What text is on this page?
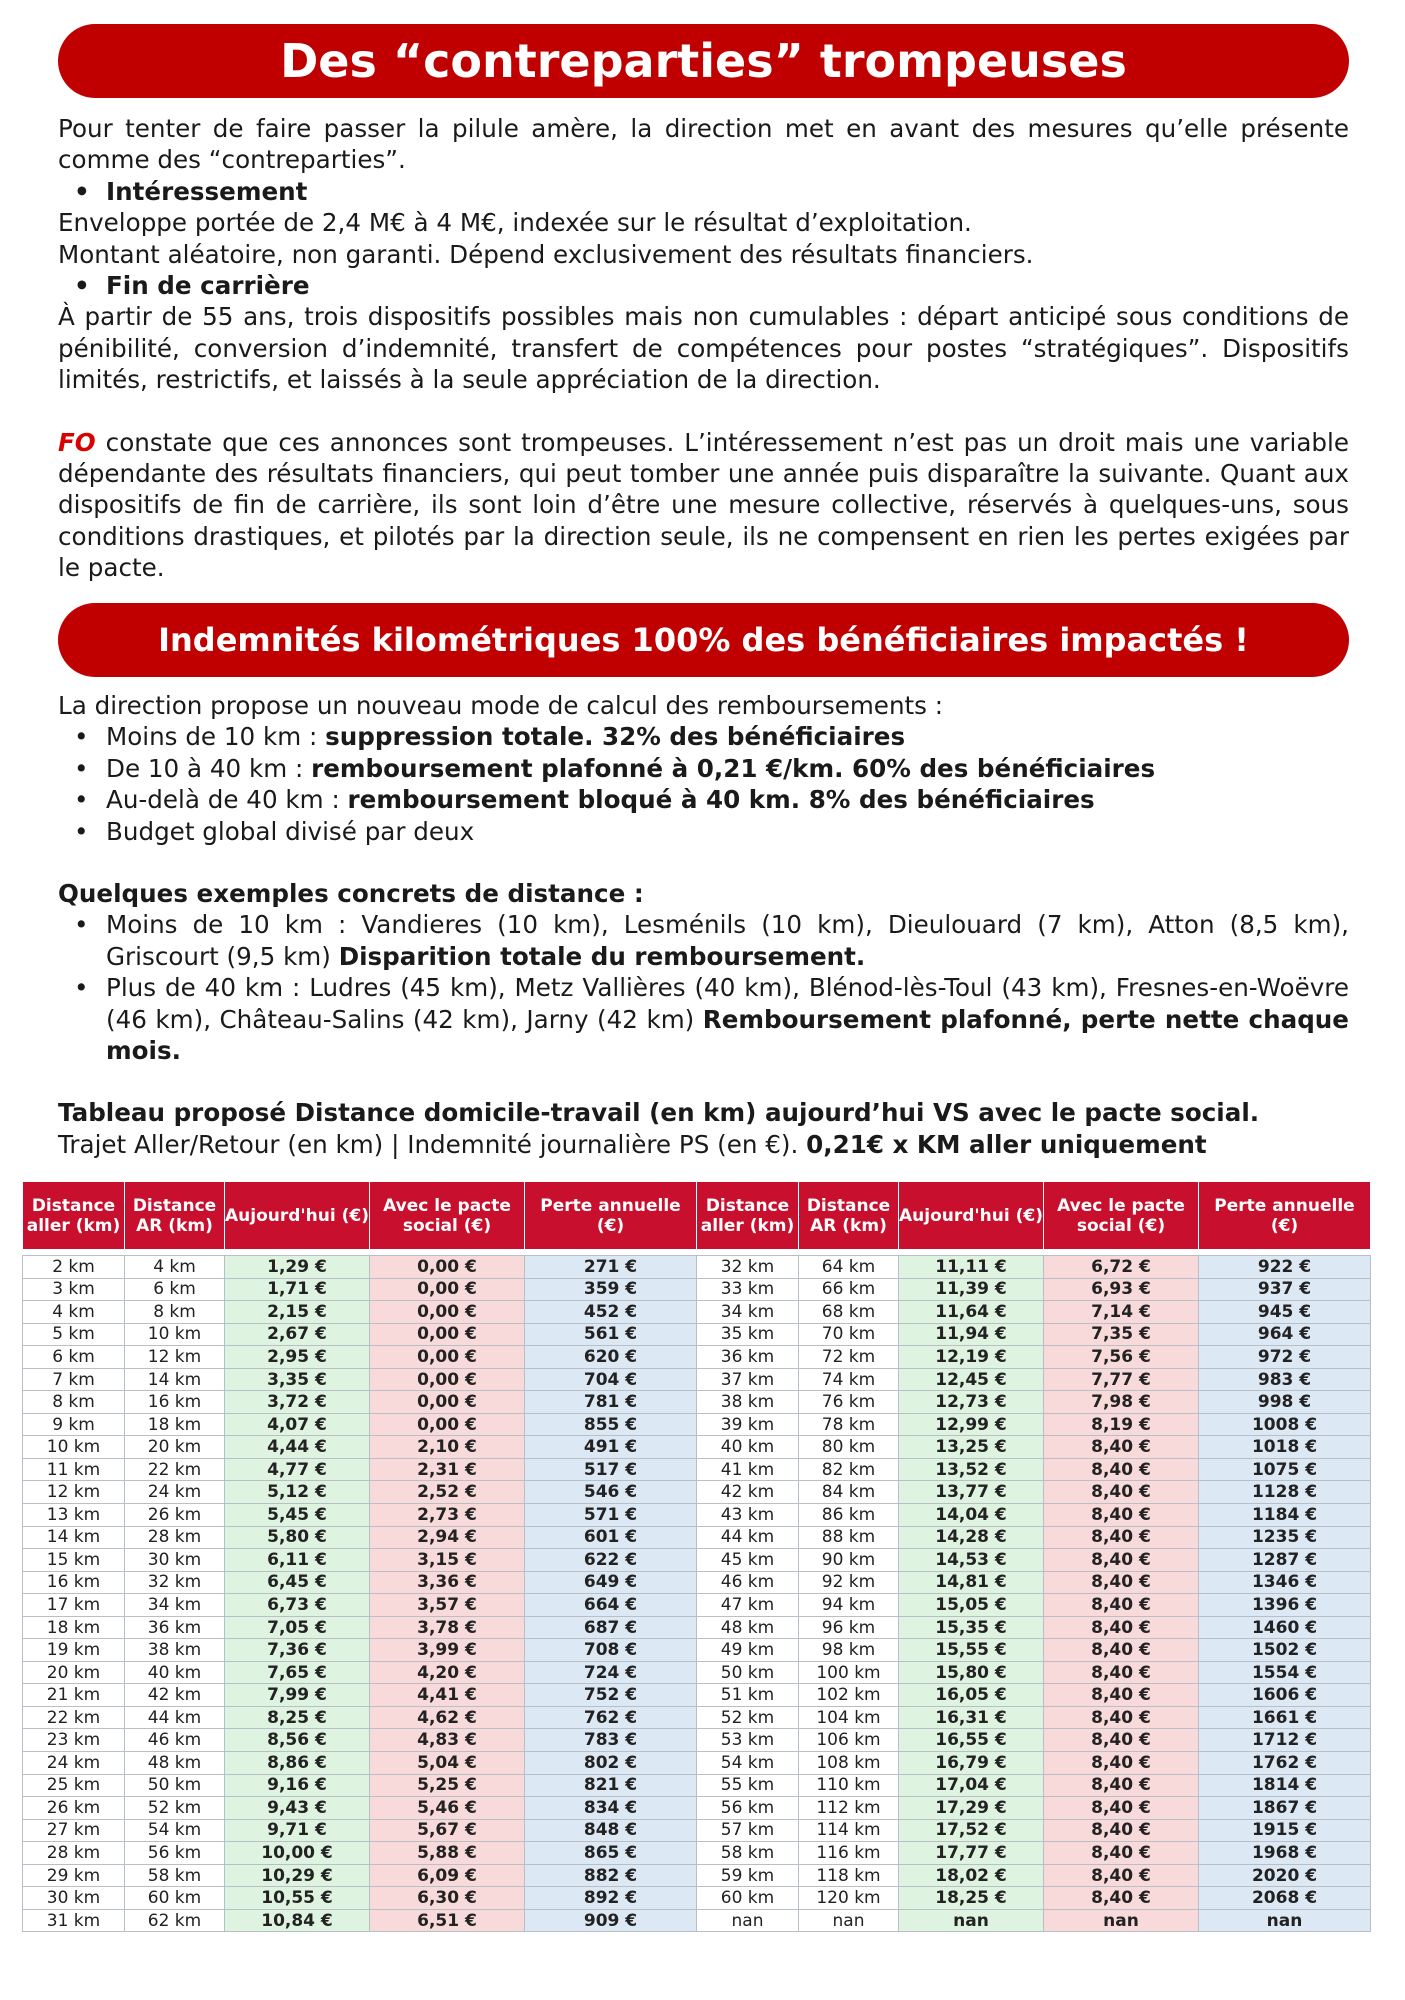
Des “contreparties” trompeuses

Pour tenter de faire passer la pilule amère, la direction met en avant des mesures qu’elle présente comme des “contreparties”.

• Intéressement

Enveloppe portée de 2,4 M€ à 4 M€, indexée sur le résultat d’exploitation.

Montant aléatoire, non garanti. Dépend exclusivement des résultats financiers.

• Fin de carrière

À partir de 55 ans, trois dispositifs possibles mais non cumulables : départ anticipé sous conditions de pénibilité, conversion d’indemnité, transfert de compétences pour postes “stratégiques”. Dispositifs limités, restrictifs, et laissés à la seule appréciation de la direction.

FO constate que ces annonces sont trompeuses. L’intéressement n’est pas un droit mais une variable dépendante des résultats financiers, qui peut tomber une année puis disparaître la suivante. Quant aux dispositifs de fin de carrière, ils sont loin d’être une mesure collective, réservés à quelques-uns, sous conditions drastiques, et pilotés par la direction seule, ils ne compensent en rien les pertes exigées par le pacte.

Indemnités kilométriques 100% des bénéficiaires impactés !

La direction propose un nouveau mode de calcul des remboursements :

• Moins de 10 km : suppression totale. 32% des bénéficiaires
• De 10 à 40 km : remboursement plafonné à 0,21 €/km. 60% des bénéficiaires
• Au-delà de 40 km : remboursement bloqué à 40 km. 8% des bénéficiaires
• Budget global divisé par deux

Quelques exemples concrets de distance :

• Moins de 10 km : Vandieres (10 km), Lesménils (10 km), Dieulouard (7 km), Atton (8,5 km), Griscourt (9,5 km) Disparition totale du remboursement.
• Plus de 40 km : Ludres (45 km), Metz Vallières (40 km), Blénod-lès-Toul (43 km), Fresnes-en-Woëvre (46 km), Château-Salins (42 km), Jarny (42 km) Remboursement plafonné, perte nette chaque mois.

Tableau proposé Distance domicile-travail (en km) aujourd’hui VS avec le pacte social.

Trajet Aller/Retour (en km) | Indemnité journalière PS (en €). 0,21€ x KM aller uniquement

Distance aller (km)	Distance AR (km)	Aujourd'hui (€)	Avec le pacte social (€)	Perte annuelle (€)	Distance aller (km)	Distance AR (km)	Aujourd'hui (€)	Avec le pacte social (€)	Perte annuelle (€)

2 km	4 km	1,29 €	0,00 €	271 €	32 km	64 km	11,11 €	6,72 €	922 €
3 km	6 km	1,71 €	0,00 €	359 €	33 km	66 km	11,39 €	6,93 €	937 €
4 km	8 km	2,15 €	0,00 €	452 €	34 km	68 km	11,64 €	7,14 €	945 €
5 km	10 km	2,67 €	0,00 €	561 €	35 km	70 km	11,94 €	7,35 €	964 €
6 km	12 km	2,95 €	0,00 €	620 €	36 km	72 km	12,19 €	7,56 €	972 €
7 km	14 km	3,35 €	0,00 €	704 €	37 km	74 km	12,45 €	7,77 €	983 €
8 km	16 km	3,72 €	0,00 €	781 €	38 km	76 km	12,73 €	7,98 €	998 €
9 km	18 km	4,07 €	0,00 €	855 €	39 km	78 km	12,99 €	8,19 €	1008 €
10 km	20 km	4,44 €	2,10 €	491 €	40 km	80 km	13,25 €	8,40 €	1018 €
11 km	22 km	4,77 €	2,31 €	517 €	41 km	82 km	13,52 €	8,40 €	1075 €
12 km	24 km	5,12 €	2,52 €	546 €	42 km	84 km	13,77 €	8,40 €	1128 €
13 km	26 km	5,45 €	2,73 €	571 €	43 km	86 km	14,04 €	8,40 €	1184 €
14 km	28 km	5,80 €	2,94 €	601 €	44 km	88 km	14,28 €	8,40 €	1235 €
15 km	30 km	6,11 €	3,15 €	622 €	45 km	90 km	14,53 €	8,40 €	1287 €
16 km	32 km	6,45 €	3,36 €	649 €	46 km	92 km	14,81 €	8,40 €	1346 €
17 km	34 km	6,73 €	3,57 €	664 €	47 km	94 km	15,05 €	8,40 €	1396 €
18 km	36 km	7,05 €	3,78 €	687 €	48 km	96 km	15,35 €	8,40 €	1460 €
19 km	38 km	7,36 €	3,99 €	708 €	49 km	98 km	15,55 €	8,40 €	1502 €
20 km	40 km	7,65 €	4,20 €	724 €	50 km	100 km	15,80 €	8,40 €	1554 €
21 km	42 km	7,99 €	4,41 €	752 €	51 km	102 km	16,05 €	8,40 €	1606 €
22 km	44 km	8,25 €	4,62 €	762 €	52 km	104 km	16,31 €	8,40 €	1661 €
23 km	46 km	8,56 €	4,83 €	783 €	53 km	106 km	16,55 €	8,40 €	1712 €
24 km	48 km	8,86 €	5,04 €	802 €	54 km	108 km	16,79 €	8,40 €	1762 €
25 km	50 km	9,16 €	5,25 €	821 €	55 km	110 km	17,04 €	8,40 €	1814 €
26 km	52 km	9,43 €	5,46 €	834 €	56 km	112 km	17,29 €	8,40 €	1867 €
27 km	54 km	9,71 €	5,67 €	848 €	57 km	114 km	17,52 €	8,40 €	1915 €
28 km	56 km	10,00 €	5,88 €	865 €	58 km	116 km	17,77 €	8,40 €	1968 €
29 km	58 km	10,29 €	6,09 €	882 €	59 km	118 km	18,02 €	8,40 €	2020 €
30 km	60 km	10,55 €	6,30 €	892 €	60 km	120 km	18,25 €	8,40 €	2068 €
31 km	62 km	10,84 €	6,51 €	909 €	nan	nan	nan	nan	nan
